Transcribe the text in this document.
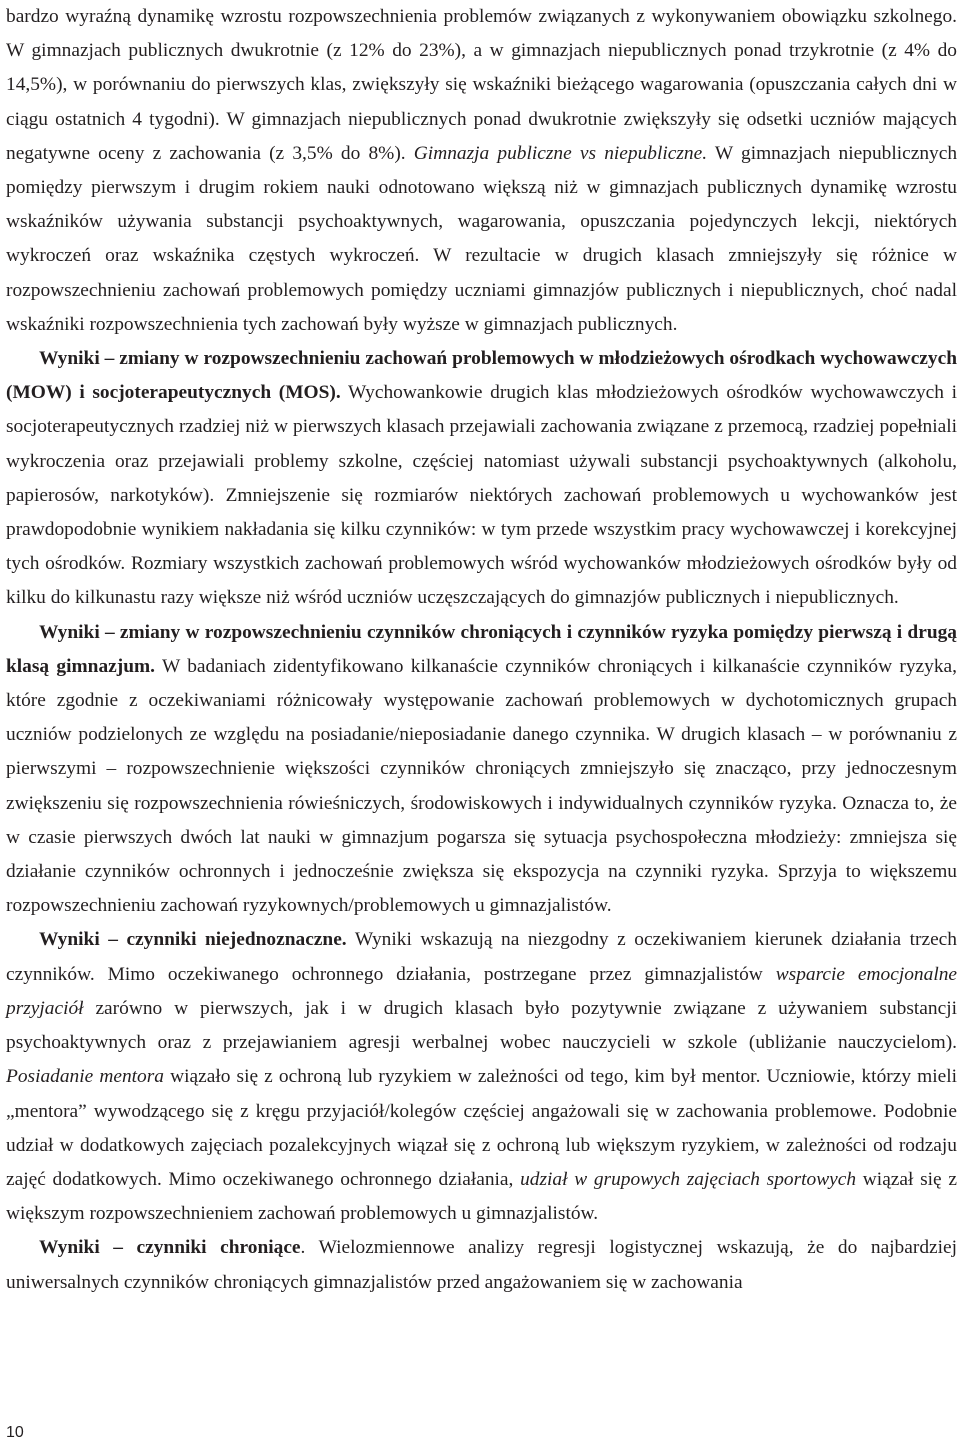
bardzo wyraźną dynamikę wzrostu rozpowszechnienia problemów związanych z wykonywaniem obowiązku szkolnego. W gimnazjach publicznych dwukrotnie (z 12% do 23%), a w gimnazjach niepublicznych ponad trzykrotnie (z 4% do 14,5%), w porównaniu do pierwszych klas, zwiększyły się wskaźniki bieżącego wagarowania (opuszczania całych dni w ciągu ostatnich 4 tygodni). W gimnazjach niepublicznych ponad dwukrotnie zwiększyły się odsetki uczniów mających negatywne oceny z zachowania (z 3,5% do 8%). Gimnazja publiczne vs niepubliczne. W gimnazjach niepublicznych pomiędzy pierwszym i drugim rokiem nauki odnotowano większą niż w gimnazjach publicznych dynamikę wzrostu wskaźników używania substancji psychoaktywnych, wagarowania, opuszczania pojedynczych lekcji, niektórych wykroczeń oraz wskaźnika częstych wykroczeń. W rezultacie w drugich klasach zmniejszyły się różnice w rozpowszechnieniu zachowań problemowych pomiędzy uczniami gimnazjów publicznych i niepublicznych, choć nadal wskaźniki rozpowszechnienia tych zachowań były wyższe w gimnazjach publicznych.

Wyniki – zmiany w rozpowszechnieniu zachowań problemowych w młodzieżowych ośrodkach wychowawczych (MOW) i socjoterapeutycznych (MOS). Wychowankowie drugich klas młodzieżowych ośrodków wychowawczych i socjoterapeutycznych rzadziej niż w pierwszych klasach przejawiali zachowania związane z przemocą, rzadziej popełniali wykroczenia oraz przejawiali problemy szkolne, częściej natomiast używali substancji psychoaktywnych (alkoholu, papierosów, narkotyków). Zmniejszenie się rozmiarów niektórych zachowań problemowych u wychowanków jest prawdopodobnie wynikiem nakładania się kilku czynników: w tym przede wszystkim pracy wychowawczej i korekcyjnej tych ośrodków. Rozmiary wszystkich zachowań problemowych wśród wychowanków młodzieżowych ośrodków były od kilku do kilkunastu razy większe niż wśród uczniów uczęszczających do gimnazjów publicznych i niepublicznych.

Wyniki – zmiany w rozpowszechnieniu czynników chroniących i czynników ryzyka pomiędzy pierwszą i drugą klasą gimnazjum. W badaniach zidentyfikowano kilkanaście czynników chroniących i kilkanaście czynników ryzyka, które zgodnie z oczekiwaniami różnicowały występowanie zachowań problemowych w dychotomicznych grupach uczniów podzielonych ze względu na posiadanie/nieposiadanie danego czynnika. W drugich klasach – w porównaniu z pierwszymi – rozpowszechnienie większości czynników chroniących zmniejszyło się znacząco, przy jednoczesnym zwiększeniu się rozpowszechnienia rówieśniczych, środowiskowych i indywidualnych czynników ryzyka. Oznacza to, że w czasie pierwszych dwóch lat nauki w gimnazjum pogarsza się sytuacja psychospołeczna młodzieży: zmniejsza się działanie czynników ochronnych i jednocześnie zwiększa się ekspozycja na czynniki ryzyka. Sprzyja to większemu rozpowszechnieniu zachowań ryzykownych/problemowych u gimnazjalistów.

Wyniki – czynniki niejednoznaczne. Wyniki wskazują na niezgodny z oczekiwaniem kierunek działania trzech czynników. Mimo oczekiwanego ochronnego działania, postrzegane przez gimnazjalistów wsparcie emocjonalne przyjaciół zarówno w pierwszych, jak i w drugich klasach było pozytywnie związane z używaniem substancji psychoaktywnych oraz z przejawianiem agresji werbalnej wobec nauczycieli w szkole (ubliżanie nauczycielom). Posiadanie mentora wiązało się z ochroną lub ryzykiem w zależności od tego, kim był mentor. Uczniowie, którzy mieli „mentora” wywodzącego się z kręgu przyjaciół/kolegów częściej angażowali się w zachowania problemowe. Podobnie udział w dodatkowych zajęciach pozalekcyjnych wiązał się z ochroną lub większym ryzykiem, w zależności od rodzaju zajęć dodatkowych. Mimo oczekiwanego ochronnego działania, udział w grupowych zajęciach sportowych wiązał się z większym rozpowszechnieniem zachowań problemowych u gimnazjalistów.

Wyniki – czynniki chroniące. Wielozmiennowe analizy regresji logistycznej wskazują, że do najbardziej uniwersalnych czynników chroniących gimnazjalistów przed angażowaniem się w zachowania

10
